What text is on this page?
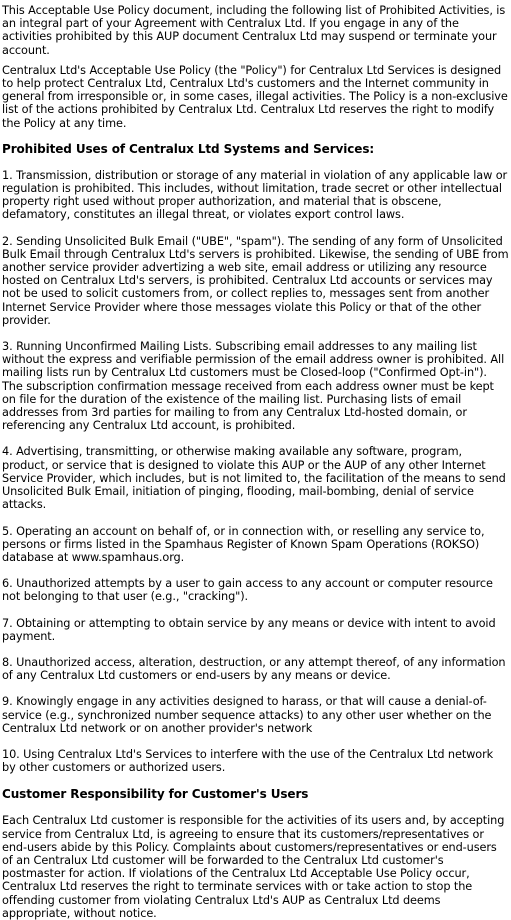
This Acceptable Use Policy document, including the following list of Prohibited Activities, is an integral part of your Agreement with Centralux Ltd. If you engage in any of the activities prohibited by this AUP document Centralux Ltd may suspend or terminate your account.

Centralux Ltd's Acceptable Use Policy (the "Policy") for Centralux Ltd Services is designed to help protect Centralux Ltd, Centralux Ltd's customers and the Internet community in general from irresponsible or, in some cases, illegal activities. The Policy is a non-exclusive list of the actions prohibited by Centralux Ltd. Centralux Ltd reserves the right to modify the Policy at any time.

Prohibited Uses of Centralux Ltd Systems and Services:

1. Transmission, distribution or storage of any material in violation of any applicable law or regulation is prohibited. This includes, without limitation, trade secret or other intellectual property right used without proper authorization, and material that is obscene, defamatory, constitutes an illegal threat, or violates export control laws.

2. Sending Unsolicited Bulk Email ("UBE", "spam"). The sending of any form of Unsolicited Bulk Email through Centralux Ltd's servers is prohibited. Likewise, the sending of UBE from another service provider advertizing a web site, email address or utilizing any resource hosted on Centralux Ltd's servers, is prohibited. Centralux Ltd accounts or services may not be used to solicit customers from, or collect replies to, messages sent from another Internet Service Provider where those messages violate this Policy or that of the other provider.

3. Running Unconfirmed Mailing Lists. Subscribing email addresses to any mailing list without the express and verifiable permission of the email address owner is prohibited. All mailing lists run by Centralux Ltd customers must be Closed-loop ("Confirmed Opt-in"). The subscription confirmation message received from each address owner must be kept on file for the duration of the existence of the mailing list. Purchasing lists of email addresses from 3rd parties for mailing to from any Centralux Ltd-hosted domain, or referencing any Centralux Ltd account, is prohibited.

4. Advertising, transmitting, or otherwise making available any software, program, product, or service that is designed to violate this AUP or the AUP of any other Internet Service Provider, which includes, but is not limited to, the facilitation of the means to send Unsolicited Bulk Email, initiation of pinging, flooding, mail-bombing, denial of service attacks.

5. Operating an account on behalf of, or in connection with, or reselling any service to, persons or firms listed in the Spamhaus Register of Known Spam Operations (ROKSO) database at www.spamhaus.org.

6. Unauthorized attempts by a user to gain access to any account or computer resource not belonging to that user (e.g., "cracking").

7. Obtaining or attempting to obtain service by any means or device with intent to avoid payment.

8. Unauthorized access, alteration, destruction, or any attempt thereof, of any information of any Centralux Ltd customers or end-users by any means or device.

9. Knowingly engage in any activities designed to harass, or that will cause a denial-of-service (e.g., synchronized number sequence attacks) to any other user whether on the Centralux Ltd network or on another provider's network

10. Using Centralux Ltd's Services to interfere with the use of the Centralux Ltd network by other customers or authorized users.

Customer Responsibility for Customer's Users

Each Centralux Ltd customer is responsible for the activities of its users and, by accepting service from Centralux Ltd, is agreeing to ensure that its customers/representatives or end-users abide by this Policy. Complaints about customers/representatives or end-users of an Centralux Ltd customer will be forwarded to the Centralux Ltd customer's postmaster for action. If violations of the Centralux Ltd Acceptable Use Policy occur, Centralux Ltd reserves the right to terminate services with or take action to stop the offending customer from violating Centralux Ltd's AUP as Centralux Ltd deems appropriate, without notice.
